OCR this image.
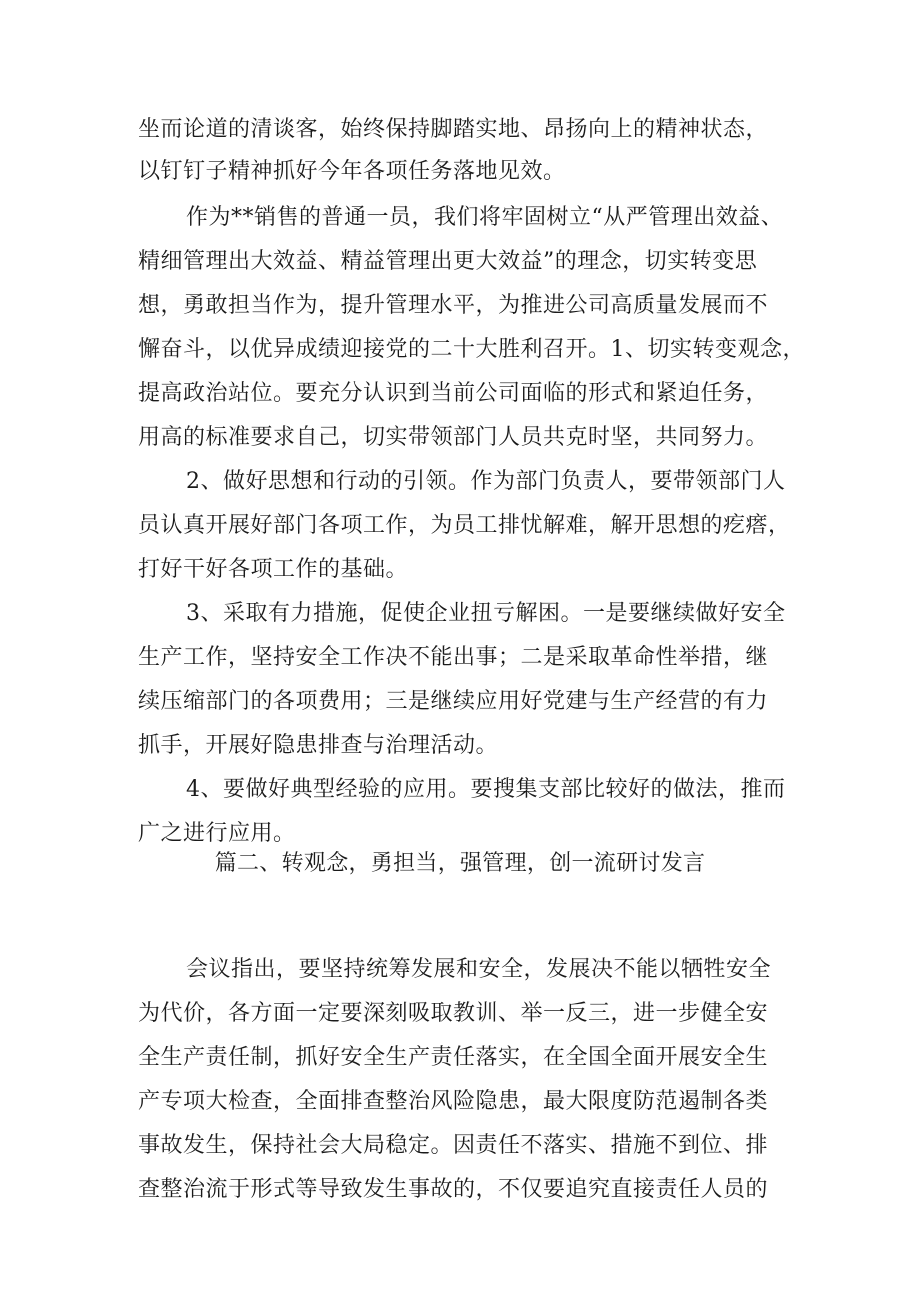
坐而论道的清谈客，始终保持脚踏实地、昂扬向上的精神状态，
以钉钉子精神抓好今年各项任务落地见效。
作为**销售的普通一员，我们将牢固树立“从严管理出效益、
精细管理出大效益、精益管理出更大效益”的理念，切实转变思
想，勇敢担当作为，提升管理水平，为推进公司高质量发展而不
懈奋斗，以优异成绩迎接党的二十大胜利召开。1、切实转变观念，
提高政治站位。要充分认识到当前公司面临的形式和紧迫任务，
用高的标准要求自己，切实带领部门人员共克时坚，共同努力。
2、做好思想和行动的引领。作为部门负责人，要带领部门人
员认真开展好部门各项工作，为员工排忧解难，解开思想的疙瘩，
打好干好各项工作的基础。
3、采取有力措施，促使企业扭亏解困。一是要继续做好安全
生产工作，坚持安全工作决不能出事；二是采取革命性举措，继
续压缩部门的各项费用；三是继续应用好党建与生产经营的有力
抓手，开展好隐患排查与治理活动。
4、要做好典型经验的应用。要搜集支部比较好的做法，推而
广之进行应用。
篇二、转观念，勇担当，强管理，创一流研讨发言
会议指出，要坚持统筹发展和安全，发展决不能以牺牲安全
为代价，各方面一定要深刻吸取教训、举一反三，进一步健全安
全生产责任制，抓好安全生产责任落实，在全国全面开展安全生
产专项大检查，全面排查整治风险隐患，最大限度防范遏制各类
事故发生，保持社会大局稳定。因责任不落实、措施不到位、排
查整治流于形式等导致发生事故的，不仅要追究直接责任人员的
